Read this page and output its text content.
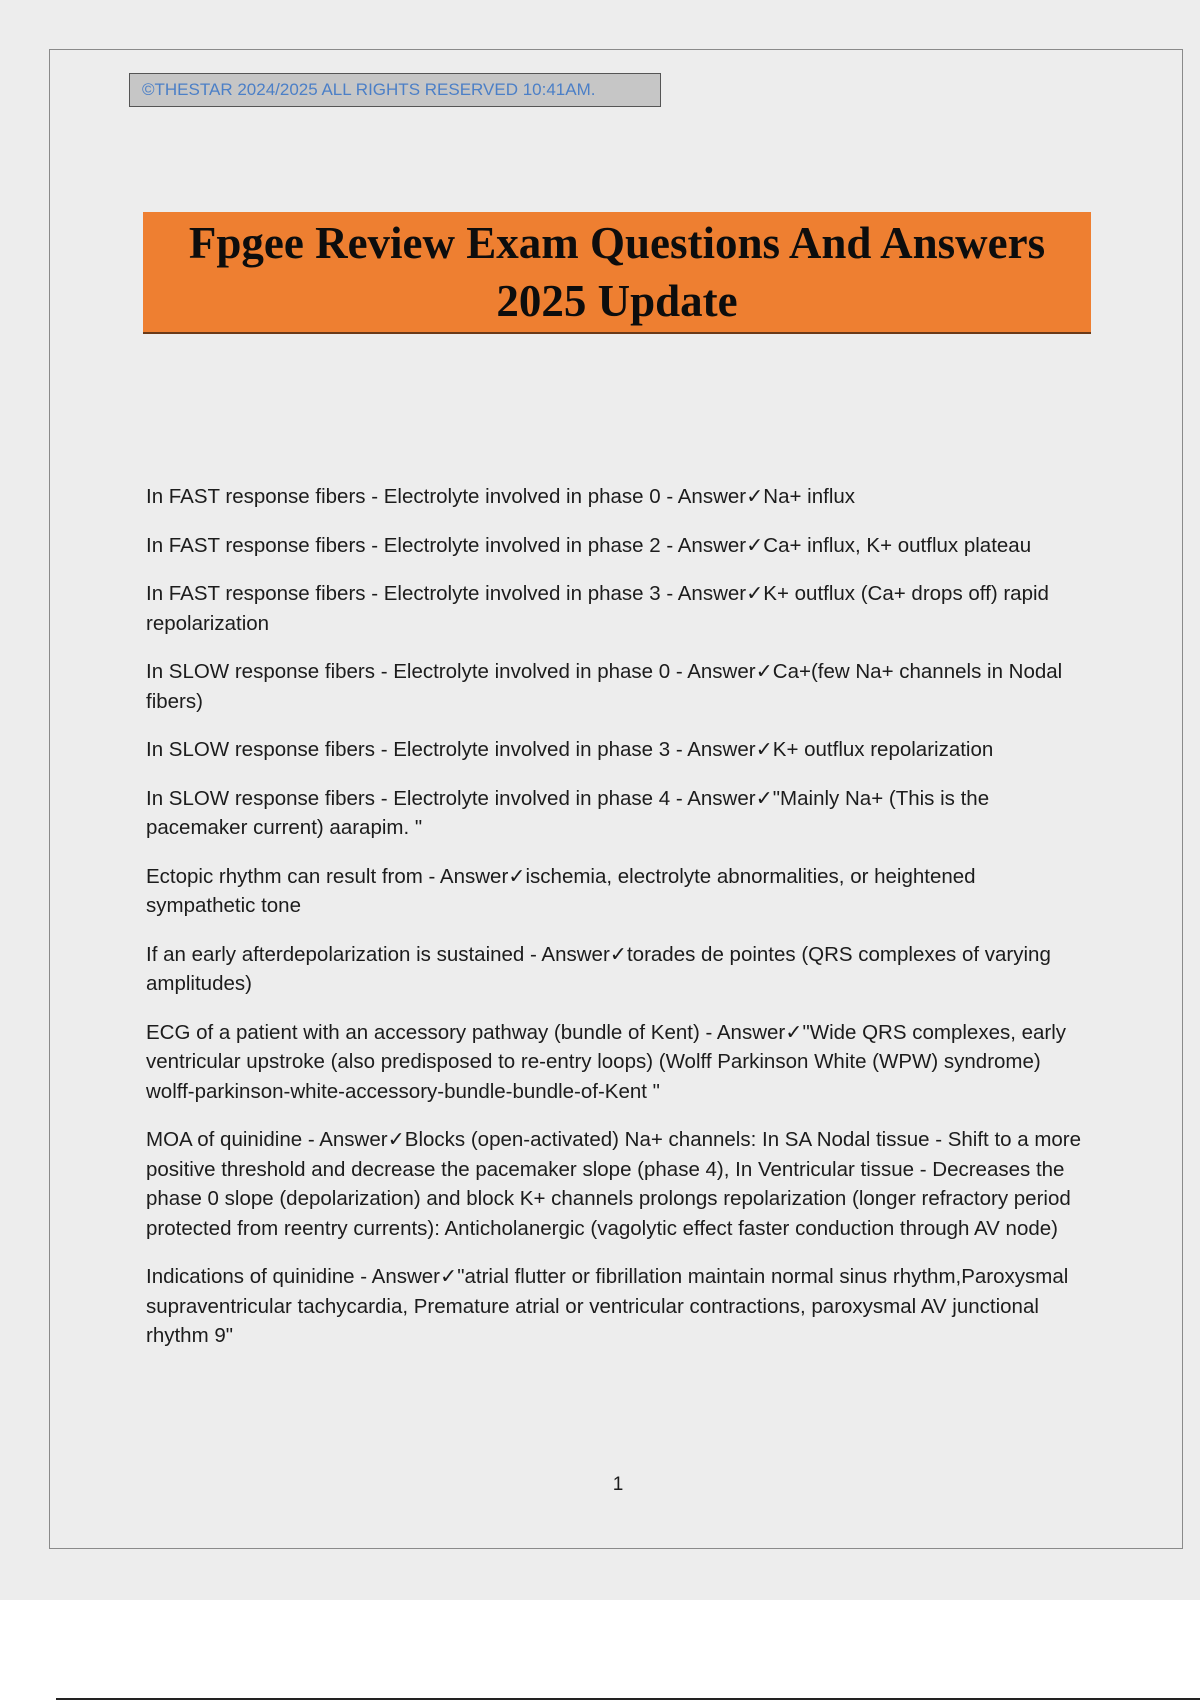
©THESTAR 2024/2025 ALL RIGHTS RESERVED 10:41AM.
Fpgee Review Exam Questions And Answers
2025 Update
In FAST response fibers - Electrolyte involved in phase 0 - Answer✓Na+ influx
In FAST response fibers - Electrolyte involved in phase 2 - Answer✓Ca+ influx, K+ outflux plateau
In FAST response fibers - Electrolyte involved in phase 3 - Answer✓K+ outflux (Ca+ drops off) rapid repolarization
In SLOW response fibers - Electrolyte involved in phase 0 - Answer✓Ca+(few Na+ channels in Nodal fibers)
In SLOW response fibers - Electrolyte involved in phase 3 - Answer✓K+ outflux repolarization
In SLOW response fibers - Electrolyte involved in phase 4 - Answer✓"Mainly Na+ (This is the pacemaker current) aarapim. "
Ectopic rhythm can result from - Answer✓ischemia, electrolyte abnormalities, or heightened sympathetic tone
If an early afterdepolarization is sustained - Answer✓torades de pointes (QRS complexes of varying amplitudes)
ECG of a patient with an accessory pathway (bundle of Kent) - Answer✓"Wide QRS complexes, early ventricular upstroke (also predisposed to re-entry loops) (Wolff Parkinson White (WPW) syndrome) wolff-parkinson-white-accessory-bundle-bundle-of-Kent "
MOA of quinidine - Answer✓Blocks (open-activated) Na+ channels: In SA Nodal tissue - Shift to a more positive threshold and decrease the pacemaker slope (phase 4), In Ventricular tissue - Decreases the phase 0 slope (depolarization) and block K+ channels prolongs repolarization (longer refractory period protected from reentry currents): Anticholanergic (vagolytic effect faster conduction through AV node)
Indications of quinidine - Answer✓"atrial flutter or fibrillation maintain normal sinus rhythm,Paroxysmal supraventricular tachycardia, Premature atrial or ventricular contractions, paroxysmal AV junctional rhythm 9"
1
